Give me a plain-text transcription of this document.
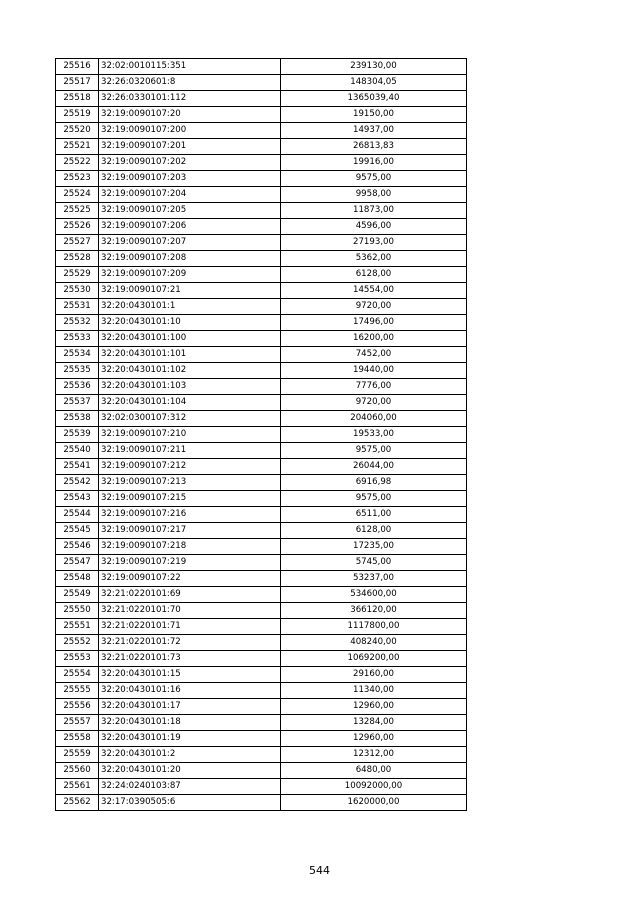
25516	32:02:0010115:351	239130,00
25517	32:26:0320601:8	148304,05
25518	32:26:0330101:112	1365039,40
25519	32:19:0090107:20	19150,00
25520	32:19:0090107:200	14937,00
25521	32:19:0090107:201	26813,83
25522	32:19:0090107:202	19916,00
25523	32:19:0090107:203	9575,00
25524	32:19:0090107:204	9958,00
25525	32:19:0090107:205	11873,00
25526	32:19:0090107:206	4596,00
25527	32:19:0090107:207	27193,00
25528	32:19:0090107:208	5362,00
25529	32:19:0090107:209	6128,00
25530	32:19:0090107:21	14554,00
25531	32:20:0430101:1	9720,00
25532	32:20:0430101:10	17496,00
25533	32:20:0430101:100	16200,00
25534	32:20:0430101:101	7452,00
25535	32:20:0430101:102	19440,00
25536	32:20:0430101:103	7776,00
25537	32:20:0430101:104	9720,00
25538	32:02:0300107:312	204060,00
25539	32:19:0090107:210	19533,00
25540	32:19:0090107:211	9575,00
25541	32:19:0090107:212	26044,00
25542	32:19:0090107:213	6916,98
25543	32:19:0090107:215	9575,00
25544	32:19:0090107:216	6511,00
25545	32:19:0090107:217	6128,00
25546	32:19:0090107:218	17235,00
25547	32:19:0090107:219	5745,00
25548	32:19:0090107:22	53237,00
25549	32:21:0220101:69	534600,00
25550	32:21:0220101:70	366120,00
25551	32:21:0220101:71	1117800,00
25552	32:21:0220101:72	408240,00
25553	32:21:0220101:73	1069200,00
25554	32:20:0430101:15	29160,00
25555	32:20:0430101:16	11340,00
25556	32:20:0430101:17	12960,00
25557	32:20:0430101:18	13284,00
25558	32:20:0430101:19	12960,00
25559	32:20:0430101:2	12312,00
25560	32:20:0430101:20	6480,00
25561	32:24:0240103:87	10092000,00
25562	32:17:0390505:6	1620000,00
544
